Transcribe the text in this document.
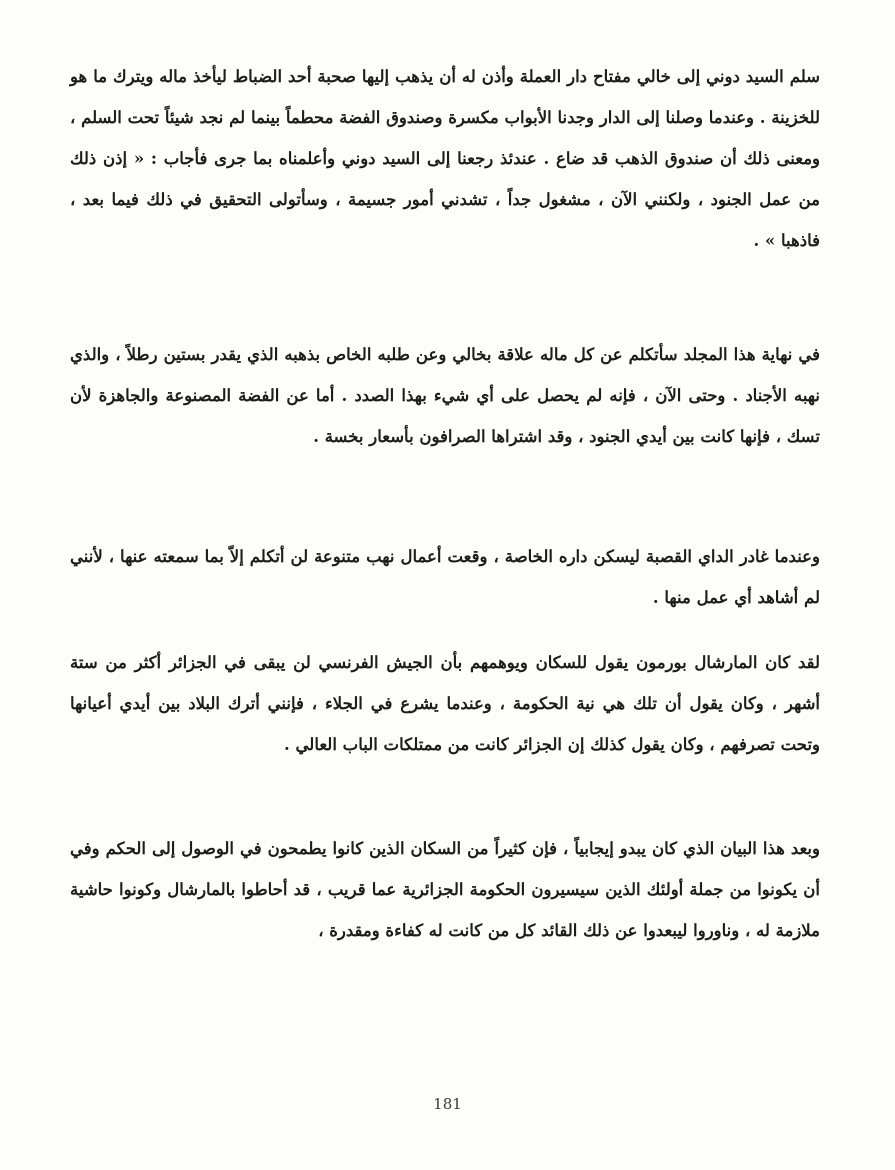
سلم السيد دوني إلى خالي مفتاح دار العملة وأذن له أن يذهب إليها صحبة أحد الضباط ليأخذ ماله ويترك ما هو للخزينة . وعندما وصلنا إلى الدار وجدنا الأبواب مكسرة وصندوق الفضة محطماً بينما لم نجد شيئاً تحت السلم ، ومعنى ذلك أن صندوق الذهب قد ضاع . عندئذ رجعنا إلى السيد دوني وأعلمناه بما جرى فأجاب : « إذن ذلك من عمل الجنود ، ولكنني الآن ، مشغول جداً ، تشدني أمور جسيمة ، وسأتولى التحقيق في ذلك فيما بعد ، فاذهبا » .

في نهاية هذا المجلد سأتكلم عن كل ماله علاقة بخالي وعن طلبه الخاص بذهبه الذي يقدر بستين رطلاً ، والذي نهبه الأجناد . وحتى الآن ، فإنه لم يحصل على أي شيء بهذا الصدد . أما عن الفضة المصنوعة والجاهزة لأن تسك ، فإنها كانت بين أيدي الجنود ، وقد اشتراها الصرافون بأسعار بخسة .

وعندما غادر الداي القصبة ليسكن داره الخاصة ، وقعت أعمال نهب متنوعة لن أتكلم إلاّ بما سمعته عنها ، لأنني لم أشاهد أي عمل منها .

لقد كان المارشال بورمون يقول للسكان ويوهمهم بأن الجيش الفرنسي لن يبقى في الجزائر أكثر من ستة أشهر ، وكان يقول أن تلك هي نية الحكومة ، وعندما يشرع في الجلاء ، فإنني أترك البلاد بين أيدي أعيانها وتحت تصرفهم ، وكان يقول كذلك إن الجزائر كانت من ممتلكات الباب العالي .

وبعد هذا البيان الذي كان يبدو إيجابياً ، فإن كثيراً من السكان الذين كانوا يطمحون في الوصول إلى الحكم وفي أن يكونوا من جملة أولئك الذين سيسيرون الحكومة الجزائرية عما قريب ، قد أحاطوا بالمارشال وكونوا حاشية ملازمة له ، وناوروا ليبعدوا عن ذلك القائد كل من كانت له كفاءة ومقدرة ،

181
